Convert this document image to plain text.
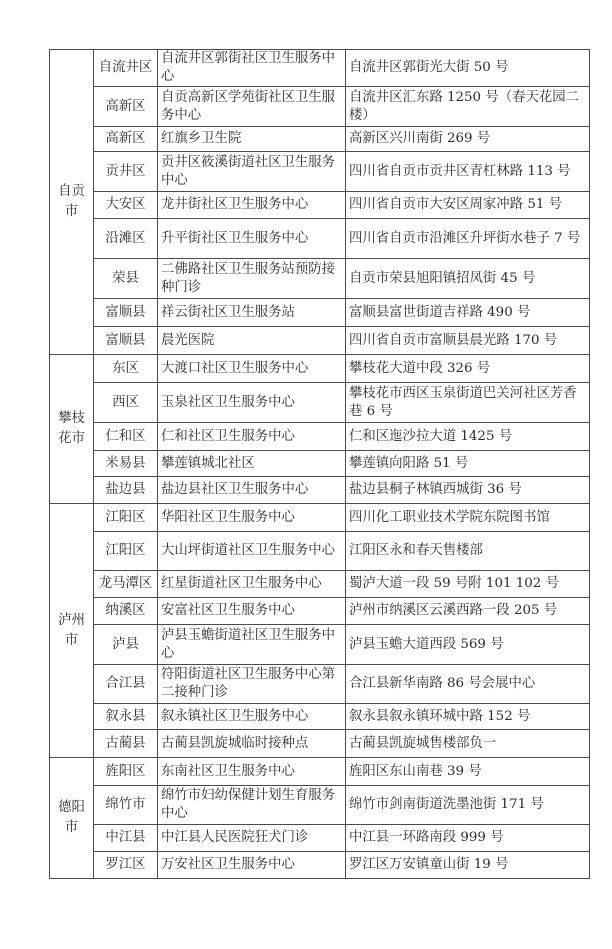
自贡市	自流井区	自流井区郭街社区卫生服务中心	自流井区郭街光大街 50 号
	高新区	自贡高新区学苑街社区卫生服务中心	自流井区汇东路 1250 号（春天花园二楼）
	高新区	红旗乡卫生院	高新区兴川南街 269 号
	贡井区	贡井区筱溪街道社区卫生服务中心	四川省自贡市贡井区青杠林路 113 号
	大安区	龙井街社区卫生服务中心	四川省自贡市大安区周家冲路 51 号
	沿滩区	升平街社区卫生服务中心	四川省自贡市沿滩区升坪街水巷子 7 号
	荣县	二佛路社区卫生服务站预防接种门诊	自贡市荣县旭阳镇招凤街 45 号
	富顺县	祥云街社区卫生服务站	富顺县富世街道吉祥路 490 号
	富顺县	晨光医院	四川省自贡市富顺县晨光路 170 号

攀枝花市	东区	大渡口社区卫生服务中心	攀枝花大道中段 326 号
	西区	玉泉社区卫生服务中心	攀枝花市西区玉泉街道巴关河社区芳香巷 6 号
	仁和区	仁和社区卫生服务中心	仁和区迤沙拉大道 1425 号
	米易县	攀莲镇城北社区	攀莲镇向阳路 51 号
	盐边县	盐边县社区卫生服务中心	盐边县桐子林镇西城街 36 号

泸州市	江阳区	华阳社区卫生服务中心	四川化工职业技术学院东院图书馆
	江阳区	大山坪街道社区卫生服务中心	江阳区永和春天售楼部
	龙马潭区	红星街道社区卫生服务中心	蜀泸大道一段 59 号附 101 102 号
	纳溪区	安富社区卫生服务中心	泸州市纳溪区云溪西路一段 205 号
	泸县	泸县玉蟾街道社区卫生服务中心	泸县玉蟾大道西段 569 号
	合江县	符阳街道社区卫生服务中心第二接种门诊	合江县新华南路 86 号会展中心
	叙永县	叙永镇社区卫生服务中心	叙永县叙永镇环城中路 152 号
	古蔺县	古蔺县凯旋城临时接种点	古蔺县凯旋城售楼部负一

德阳市	旌阳区	东南社区卫生服务中心	旌阳区东山南巷 39 号
	绵竹市	绵竹市妇幼保健计划生育服务中心	绵竹市剑南街道洗墨池街 171 号
	中江县	中江县人民医院狂犬门诊	中江县一环路南段 999 号
	罗江区	万安社区卫生服务中心	罗江区万安镇童山街 19 号
